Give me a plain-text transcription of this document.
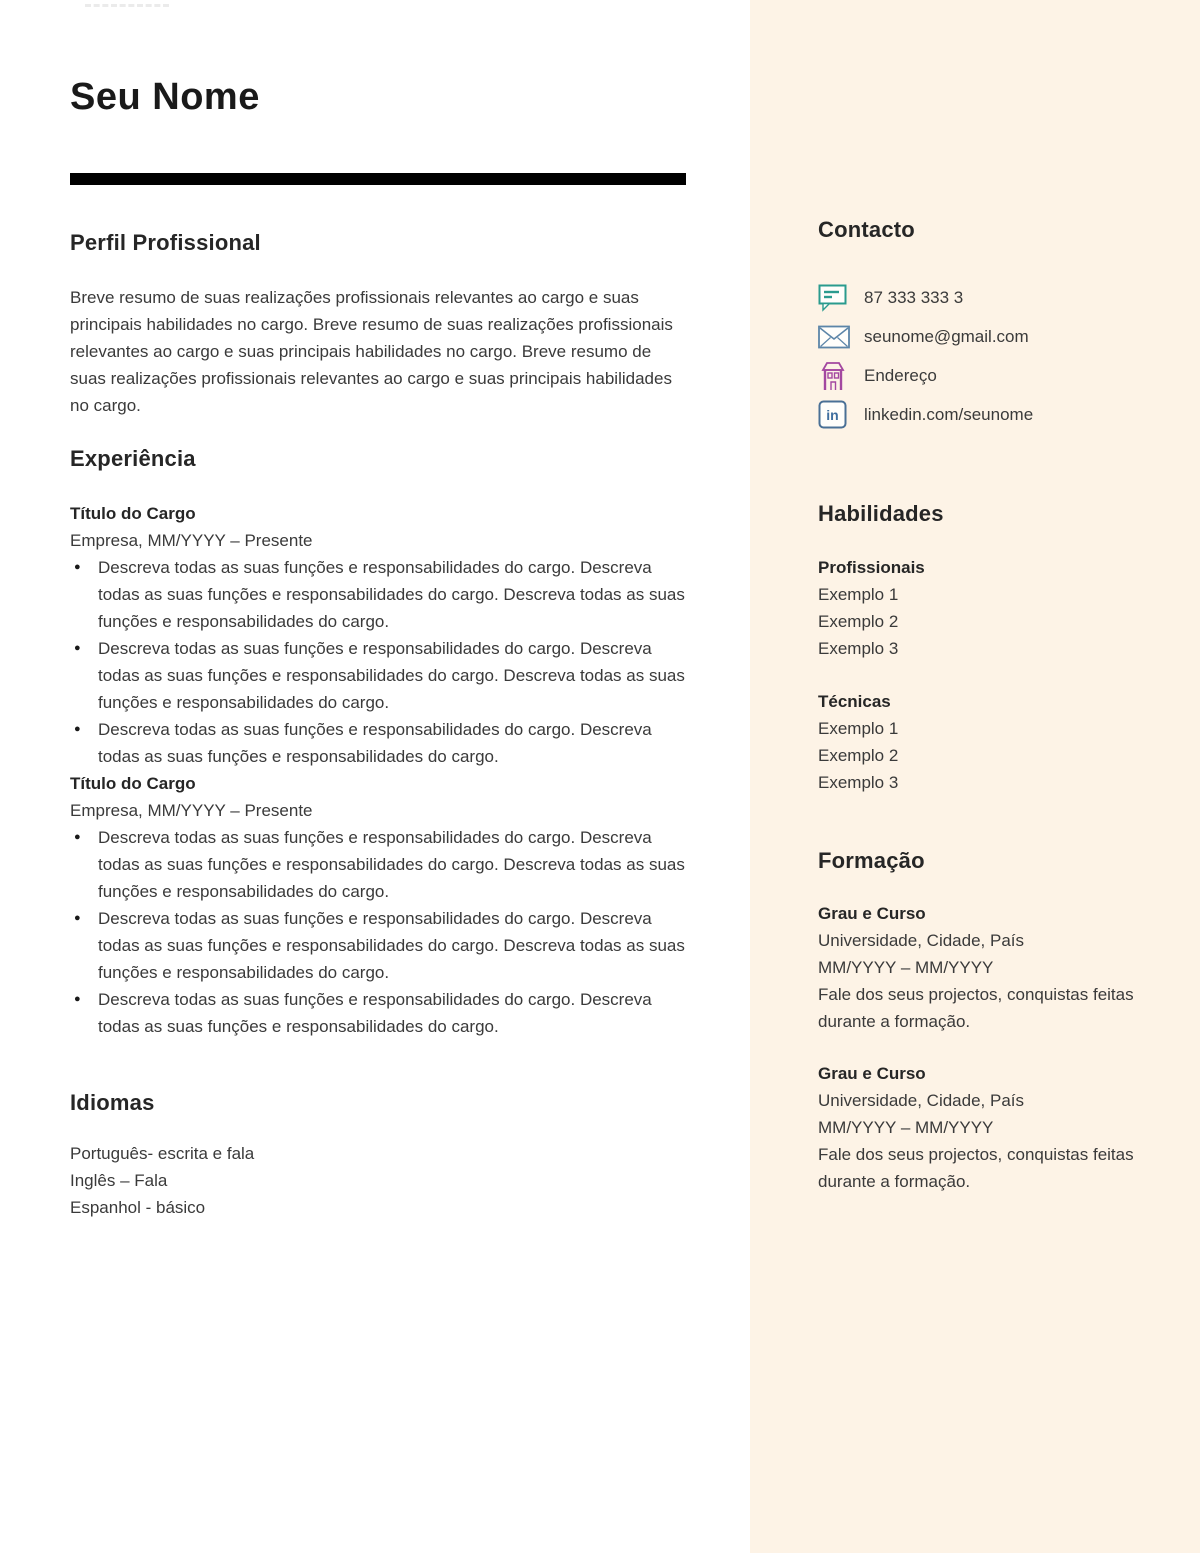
Seu Nome
Perfil Profissional

Breve resumo de suas realizações profissionais relevantes ao cargo e suas principais habilidades no cargo. Breve resumo de suas realizações profissionais relevantes ao cargo e suas principais habilidades no cargo. Breve resumo de suas realizações profissionais relevantes ao cargo e suas principais habilidades no cargo.

Experiência
Título do Cargo
Empresa, MM/YYYY – Presente
● Descreva todas as suas funções e responsabilidades do cargo. Descreva todas as suas funções e responsabilidades do cargo. Descreva todas as suas funções e responsabilidades do cargo.
● Descreva todas as suas funções e responsabilidades do cargo. Descreva todas as suas funções e responsabilidades do cargo. Descreva todas as suas funções e responsabilidades do cargo.
● Descreva todas as suas funções e responsabilidades do cargo. Descreva todas as suas funções e responsabilidades do cargo.
Título do Cargo
Empresa, MM/YYYY – Presente
● Descreva todas as suas funções e responsabilidades do cargo. Descreva todas as suas funções e responsabilidades do cargo. Descreva todas as suas funções e responsabilidades do cargo.
● Descreva todas as suas funções e responsabilidades do cargo. Descreva todas as suas funções e responsabilidades do cargo. Descreva todas as suas funções e responsabilidades do cargo.
● Descreva todas as suas funções e responsabilidades do cargo. Descreva todas as suas funções e responsabilidades do cargo.
Idiomas
Português- escrita e fala
Inglês – Fala
Espanhol - básico
Contacto
87 333 333 3
seunome@gmail.com
Endereço
in linkedin.com/seunome
Habilidades
Profissionais
Exemplo 1
Exemplo 2
Exemplo 3
Técnicas
Exemplo 1
Exemplo 2
Exemplo 3
Formação
Grau e Curso
Universidade, Cidade, País
MM/YYYY – MM/YYYY
Fale dos seus projectos, conquistas feitas durante a formação.
Grau e Curso
Universidade, Cidade, País
MM/YYYY – MM/YYYY
Fale dos seus projectos, conquistas feitas durante a formação.
